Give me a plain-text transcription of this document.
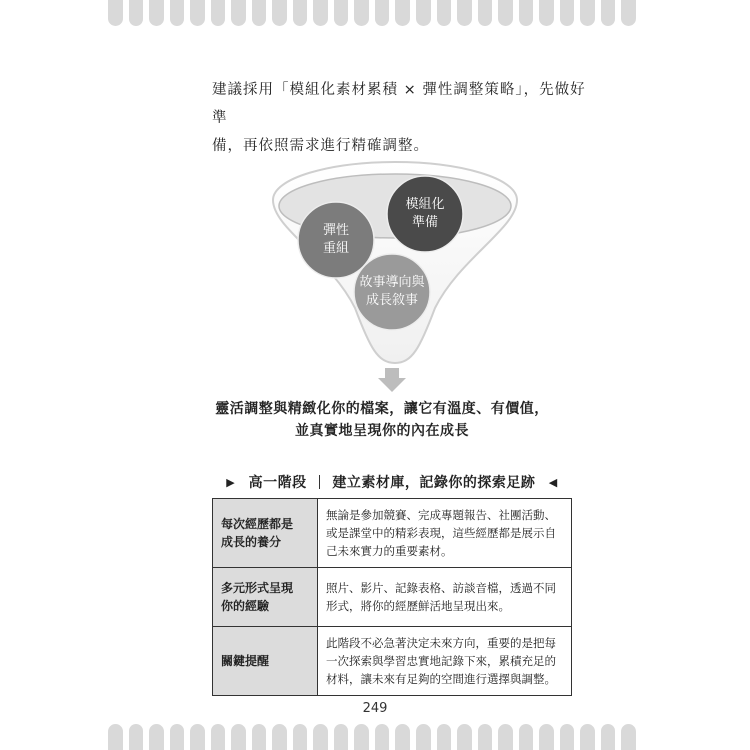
建議採用「模組化素材累積 × 彈性調整策略」，先做好準
備，再依照需求進行精確調整。
模組化
準備
彈性
重組
故事導向與
成長敘事
靈活調整與精緻化你的檔案，讓它有溫度、有價值，
並真實地呈現你的內在成長
▶ 高一階段 建立素材庫，記錄你的探索足跡 ◀
每次經歷都是
成長的養分	無論是參加競賽、完成專題報告、社團活動、或是課堂中的精彩表現，這些經歷都是展示自己未來實力的重要素材。

多元形式呈現
你的經驗	照片、影片、記錄表格、訪談音檔，透過不同形式，將你的經歷鮮活地呈現出來。

關鍵提醒	此階段不必急著決定未來方向，重要的是把每一次探索與學習忠實地記錄下來，累積充足的材料，讓未來有足夠的空間進行選擇與調整。
249
